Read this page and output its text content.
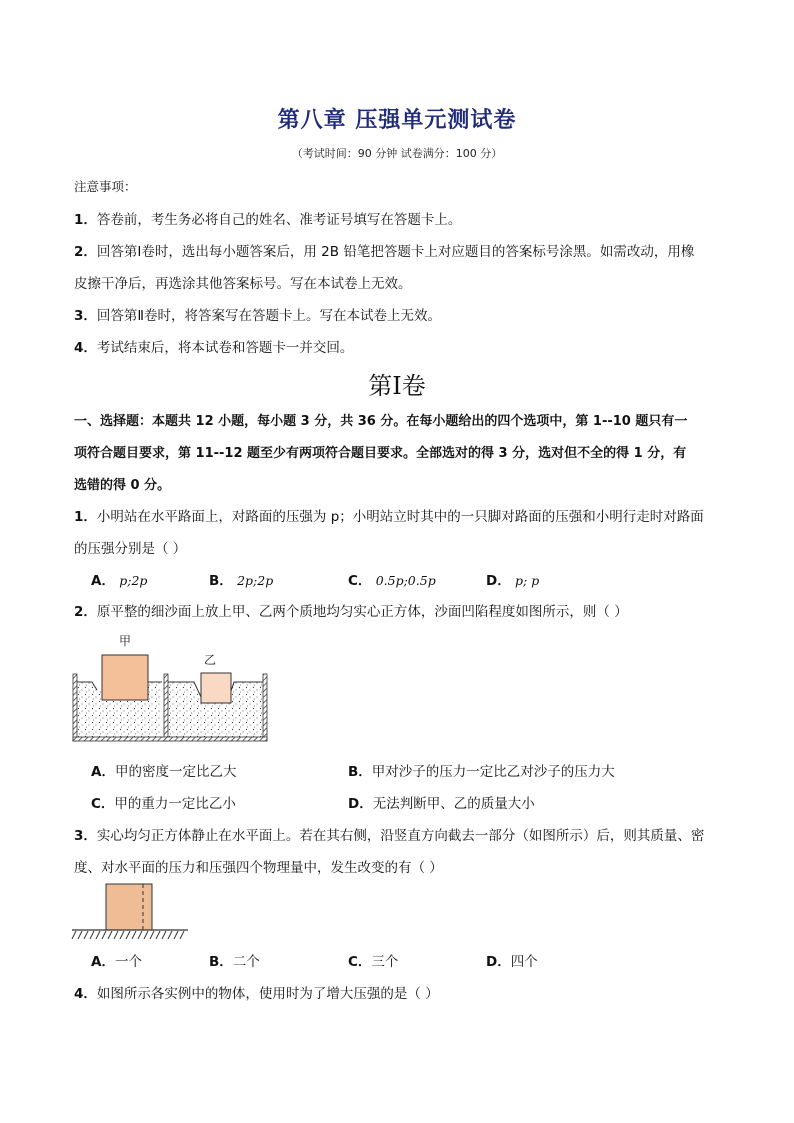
第八章 压强单元测试卷
（考试时间：90 分钟 试卷满分：100 分）
注意事项：
1．答卷前，考生务必将自己的姓名、准考证号填写在答题卡上。
2．回答第Ⅰ卷时，选出每小题答案后，用 2B 铅笔把答题卡上对应题目的答案标号涂黑。如需改动，用橡
皮擦干净后，再选涂其他答案标号。写在本试卷上无效。
3．回答第Ⅱ卷时，将答案写在答题卡上。写在本试卷上无效。
4．考试结束后，将本试卷和答题卡一并交回。
第Ⅰ卷
一、选择题：本题共 12 小题，每小题 3 分，共 36 分。在每小题给出的四个选项中，第 1--10 题只有一
项符合题目要求，第 11--12 题至少有两项符合题目要求。全部选对的得 3 分，选对但不全的得 1 分，有
选错的得 0 分。
1．小明站在水平路面上，对路面的压强为 p；小明站立时其中的一只脚对路面的压强和小明行走时对路面
的压强分别是（ ）
A． p;2p	B． 2p;2p	C． 0.5p;0.5p	D． p; p
2．原平整的细沙面上放上甲、乙两个质地均匀实心正方体，沙面凹陷程度如图所示，则（ ）
甲
乙
A．甲的密度一定比乙大	B．甲对沙子的压力一定比乙对沙子的压力大
C．甲的重力一定比乙小	D．无法判断甲、乙的质量大小
3．实心均匀正方体静止在水平面上。若在其右侧，沿竖直方向截去一部分（如图所示）后，则其质量、密
度、对水平面的压力和压强四个物理量中，发生改变的有（ ）
A．一个	B．二个	C．三个	D．四个
4．如图所示各实例中的物体，使用时为了增大压强的是（ ）
